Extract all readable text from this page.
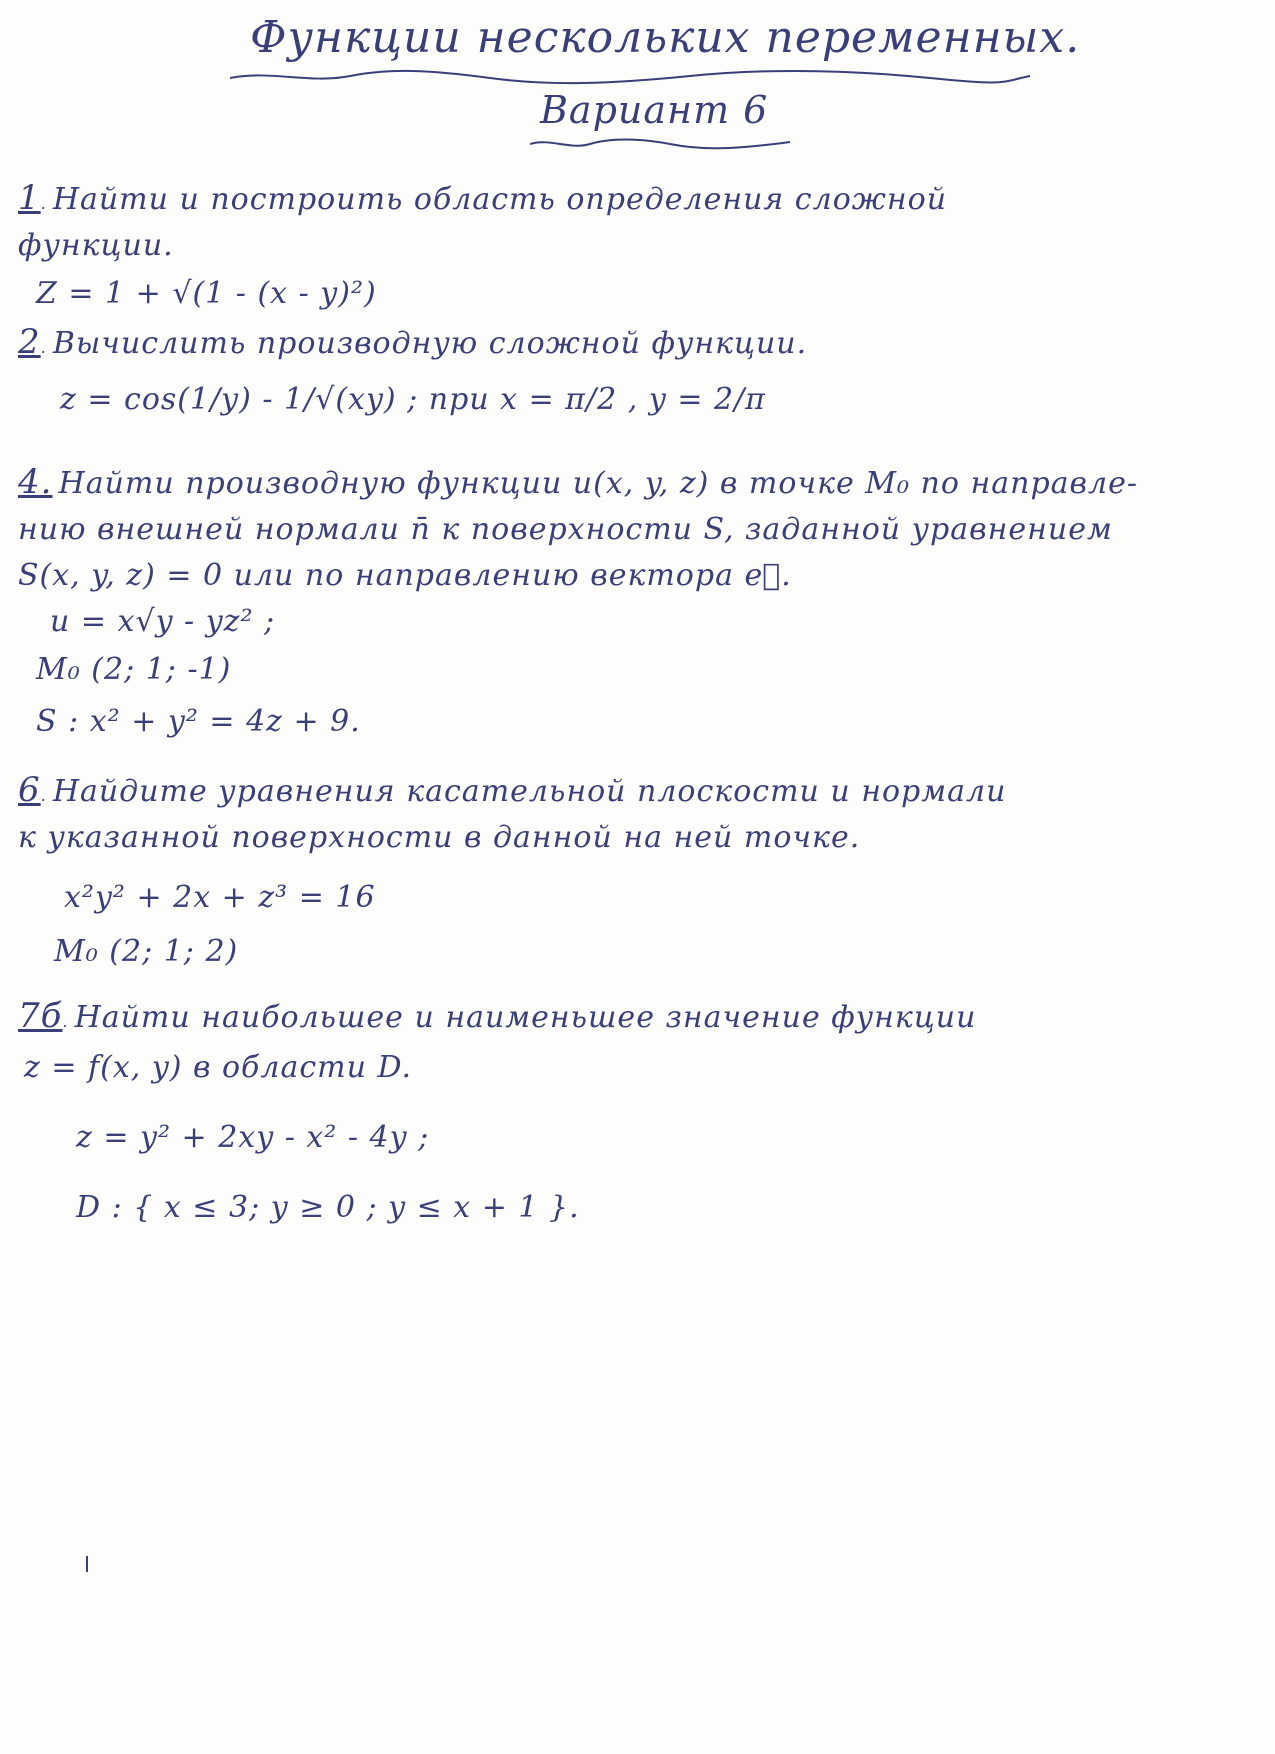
Функции нескольких переменных.
Вариант 6
1. Найти и построить область определения сложной
функции.
Z = 1 + √(1 - (x - y)²)
2. Вычислить производную сложной функции.
z = cos(1/y) - 1/√(xy) ; при x = π/2 , y = 2/π
4. Найти производную функции u(x, y, z) в точке M₀ по направле-
нию внешней нормали n̄ к поверхности S, заданной уравнением
S(x, y, z) = 0 или по направлению вектора e⃗.
u = x√y - yz² ;
M₀ (2; 1; -1)
S : x² + y² = 4z + 9.
6. Найдите уравнения касательной плоскости и нормали
к указанной поверхности в данной на ней точке.
x²y² + 2x + z³ = 16
M₀ (2; 1; 2)
7б. Найти наибольшее и наименьшее значение функции
z = f(x, y) в области D.
z = y² + 2xy - x² - 4y ;
D : { x ≤ 3; y ≥ 0 ; y ≤ x + 1 }.
